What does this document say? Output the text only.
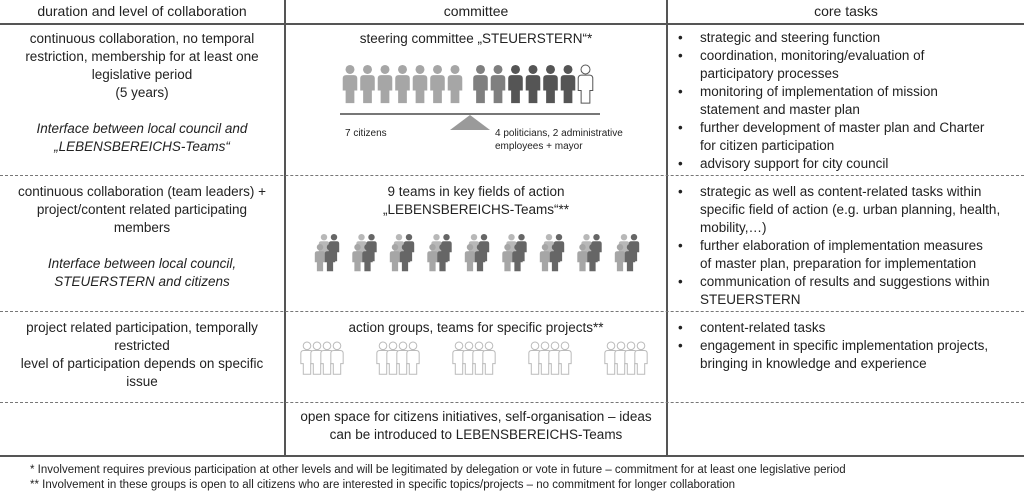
duration and level of collaboration	committee	core tasks
continuous collaboration, no temporal
restriction, membership for at least one
legislative period
(5 years)
Interface between local council and
„LEBENSBEREICHS-Teams“
steering committee „STEUERSTERN“*
7 citizens	4 politicians, 2 administrative
employees + mayor
• strategic and steering function
• coordination, monitoring/evaluation of
participatory processes
• monitoring of implementation of mission
statement and master plan
• further development of master plan and Charter
for citizen participation
• advisory support for city council
continuous collaboration (team leaders) +
project/content related participating
members
Interface between local council,
STEUERSTERN and citizens
9 teams in key fields of action
„LEBENSBEREICHS-Teams“**
• strategic as well as content-related tasks within
specific field of action (e.g. urban planning, health,
mobility,…)
• further elaboration of implementation measures
of master plan, preparation for implementation
• communication of results and suggestions within
STEUERSTERN
project related participation, temporally
restricted
level of participation depends on specific
issue
action groups, teams for specific projects**
•	content-related tasks
• engagement in specific implementation projects,
bringing in knowledge and experience
open space for citizens initiatives, self-organisation – ideas
can be introduced to LEBENSBEREICHS-Teams
* Involvement requires previous participation at other levels and will be legitimated by delegation or vote in future – commitment for at least one legislative period
** Involvement in these groups is open to all citizens who are interested in specific topics/projects – no commitment for longer collaboration
